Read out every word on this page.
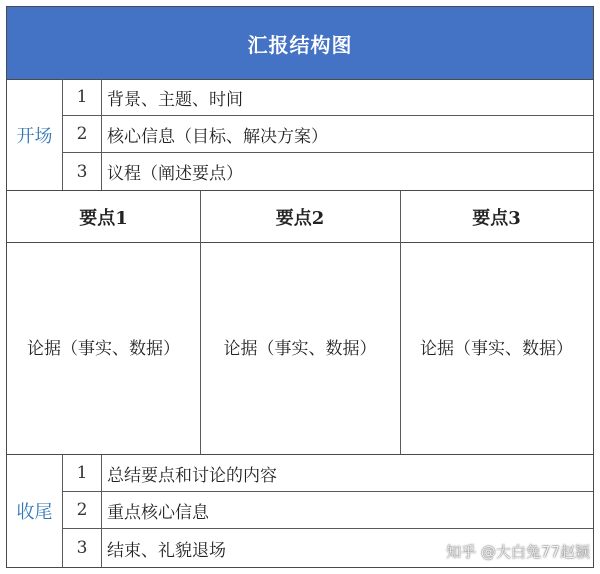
汇报结构图
开场
1	背景、主题、时间
2	核心信息（目标、解决方案）
3	议程（阐述要点）
要点1	要点2	要点3
论据（事实、数据）	论据（事实、数据）	论据（事实、数据）
收尾
1	总结要点和讨论的内容
2	重点核心信息
3	结束、礼貌退场	知乎 @大白兔77赵颖
